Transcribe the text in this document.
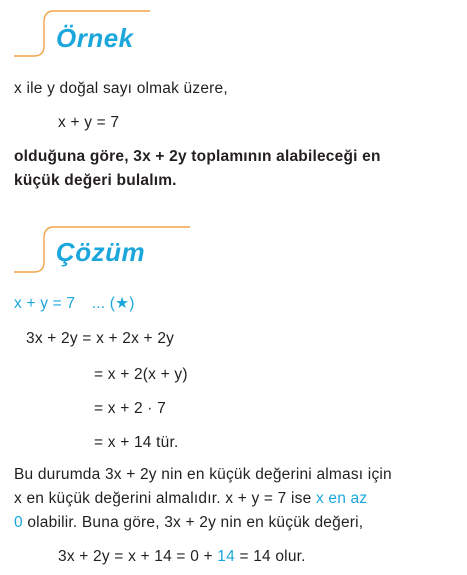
Örnek
x ile y doğal sayı olmak üzere,
x + y = 7
olduğuna göre, 3x + 2y toplamının alabileceği en
küçük değeri bulalım.
Çözüm
x + y = 7 ... (★)
3x + 2y = x + 2x + 2y
= x + 2(x + y)
= x + 2 · 7
= x + 14 tür.
Bu durumda 3x + 2y nin en küçük değerini alması için
x en küçük değerini almalıdır. x + y = 7 ise x en az
0 olabilir. Buna göre, 3x + 2y nin en küçük değeri,
3x + 2y = x + 14 = 0 + 14 = 14 olur.
